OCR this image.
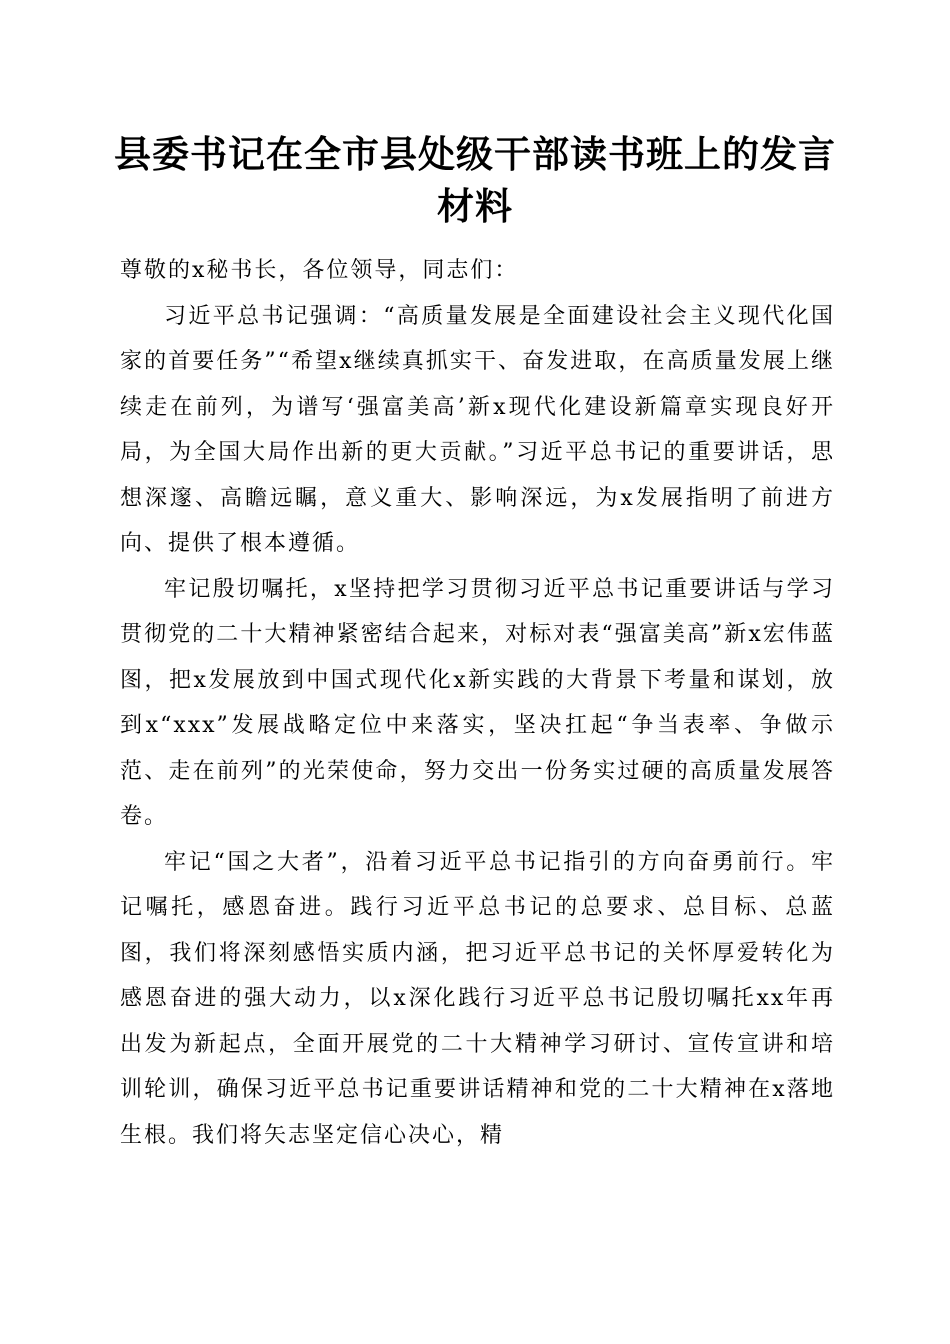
县委书记在全市县处级干部读书班上的发言材料

尊敬的x秘书长，各位领导，同志们：

习近平总书记强调：“高质量发展是全面建设社会主义现代化国家的首要任务”“希望x继续真抓实干、奋发进取，在高质量发展上继续走在前列，为谱写‘强富美高’新x现代化建设新篇章实现良好开局，为全国大局作出新的更大贡献。”习近平总书记的重要讲话，思想深邃、高瞻远瞩，意义重大、影响深远，为x发展指明了前进方向、提供了根本遵循。

牢记殷切嘱托，x坚持把学习贯彻习近平总书记重要讲话与学习贯彻党的二十大精神紧密结合起来，对标对表“强富美高”新x宏伟蓝图，把x发展放到中国式现代化x新实践的大背景下考量和谋划，放到x“xxx”发展战略定位中来落实，坚决扛起“争当表率、争做示范、走在前列”的光荣使命，努力交出一份务实过硬的高质量发展答卷。

牢记“国之大者”，沿着习近平总书记指引的方向奋勇前行。牢记嘱托，感恩奋进。践行习近平总书记的总要求、总目标、总蓝图，我们将深刻感悟实质内涵，把习近平总书记的关怀厚爱转化为感恩奋进的强大动力，以x深化践行习近平总书记殷切嘱托xx年再出发为新起点，全面开展党的二十大精神学习研讨、宣传宣讲和培训轮训，确保习近平总书记重要讲话精神和党的二十大精神在x落地生根。我们将矢志坚定信心决心，精
